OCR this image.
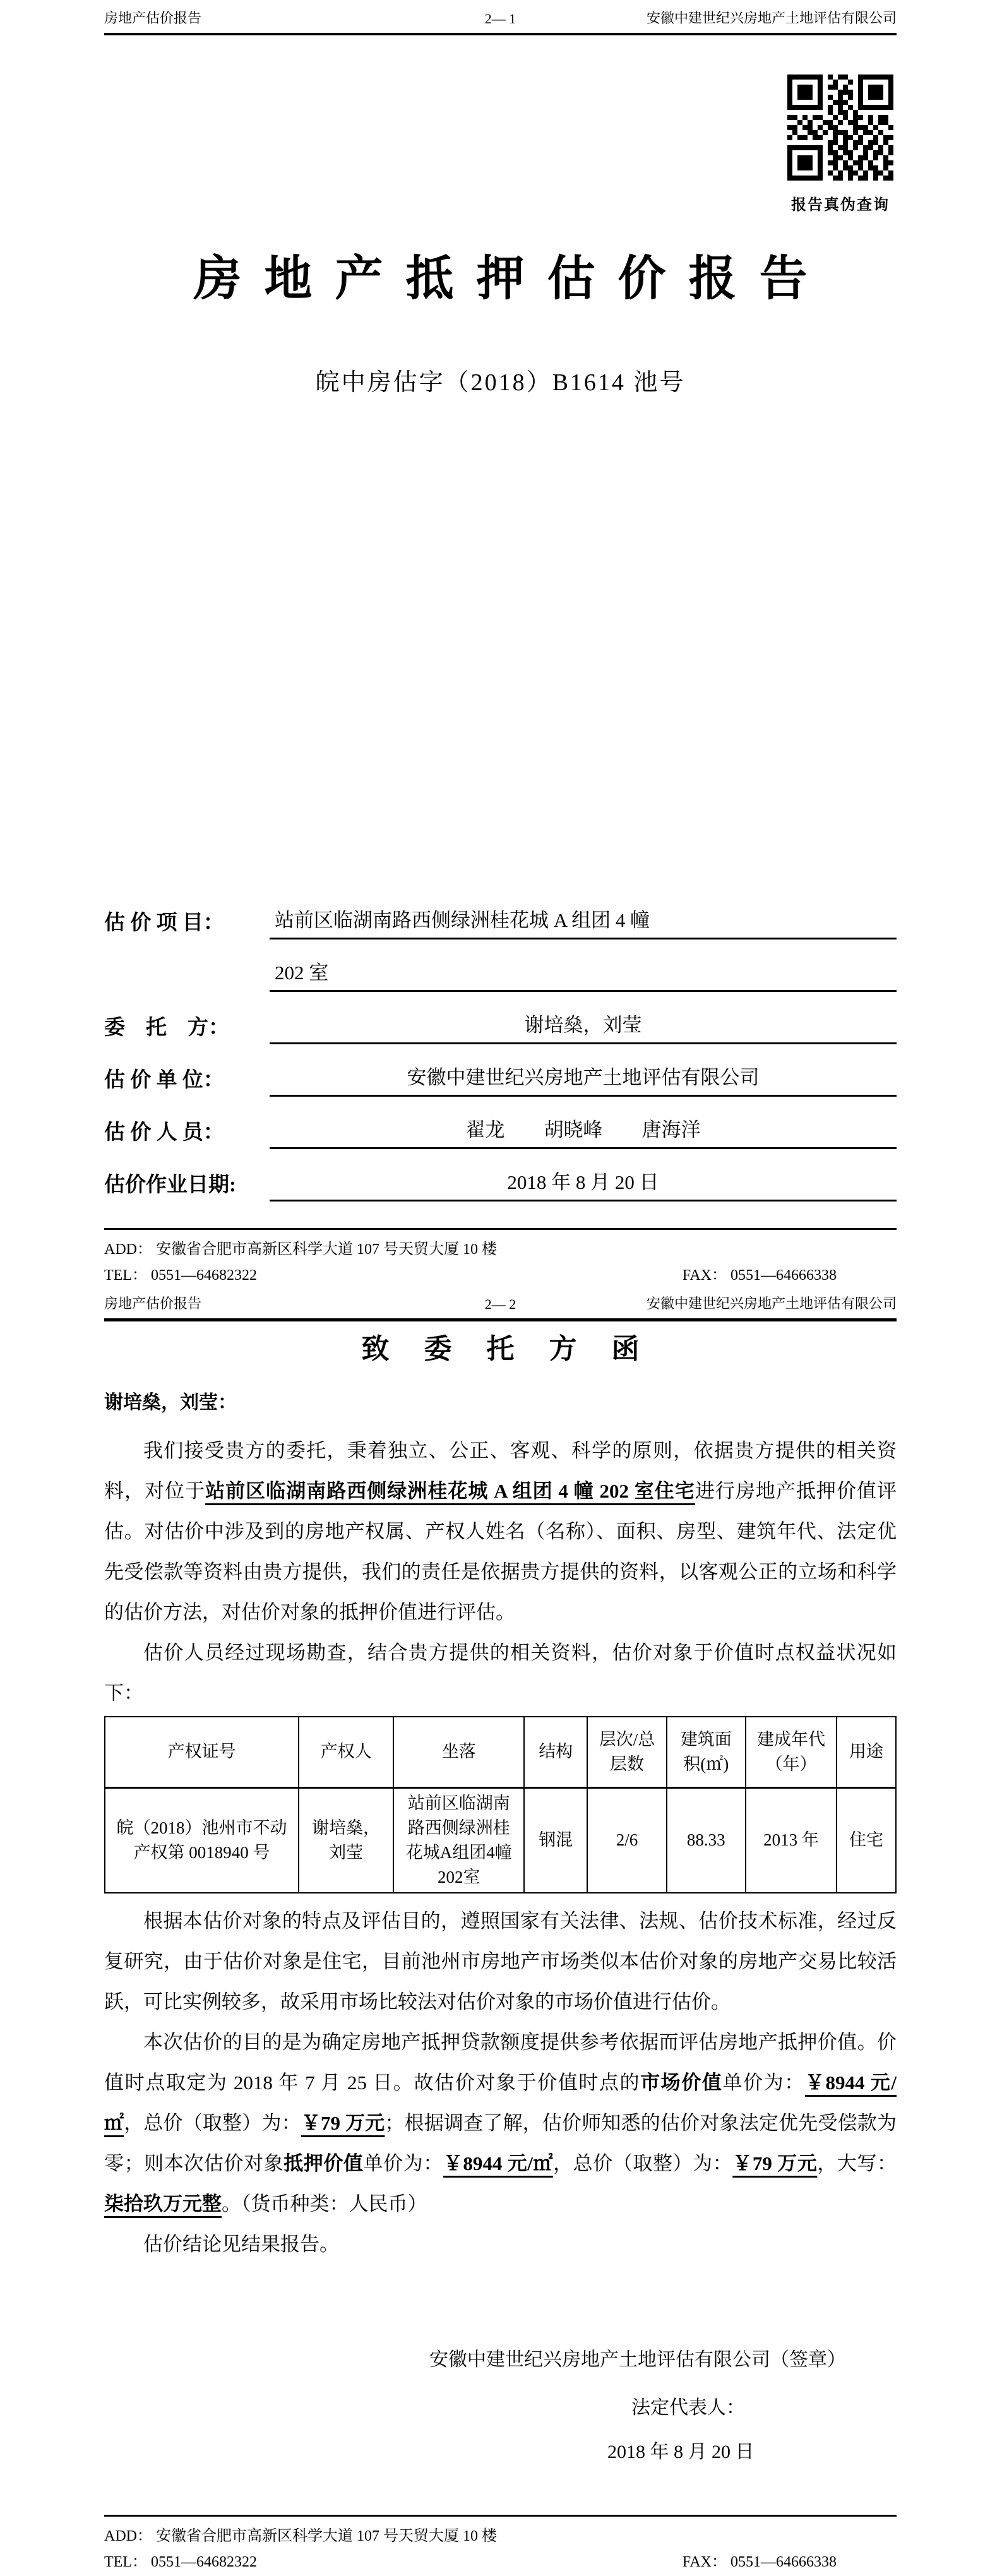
房地产估价报告	2— 1	安徽中建世纪兴房地产土地评估有限公司
报告真伪查询
房地产抵押估价报告
皖中房估字（2018）B1614 池号
估 价 项 目：	站前区临湖南路西侧绿洲桂花城 A 组团 4 幢
202 室
委　托　方：	谢培燊，刘莹
估 价 单 位：	安徽中建世纪兴房地产土地评估有限公司
估 价 人 员：	翟龙　　胡晓峰　　唐海洋
估价作业日期:	2018 年 8 月 20 日
ADD： 安徽省合肥市高新区科学大道 107 号天贸大厦 10 楼
TEL： 0551—64682322	FAX： 0551—64666338
房地产估价报告	2— 2	安徽中建世纪兴房地产土地评估有限公司
致委托方函
谢培燊，刘莹：

我们接受贵方的委托，秉着独立、公正、客观、科学的原则，依据贵方提供的相关资料，对位于站前区临湖南路西侧绿洲桂花城 A 组团 4 幢 202 室住宅进行房地产抵押价值评估。对估价中涉及到的房地产权属、产权人姓名（名称）、面积、房型、建筑年代、法定优先受偿款等资料由贵方提供，我们的责任是依据贵方提供的资料，以客观公正的立场和科学的估价方法，对估价对象的抵押价值进行评估。

估价人员经过现场勘查，结合贵方提供的相关资料，估价对象于价值时点权益状况如下：

产权证号	产权人	坐落	结构	层次/总层数	建筑面积(㎡)	建成年代（年）	用途
皖（2018）池州市不动产权第 0018940 号	谢培燊，刘莹	站前区临湖南路西侧绿洲桂花城A组团4幢202室	钢混	2/6	88.33	2013 年	住宅

根据本估价对象的特点及评估目的，遵照国家有关法律、法规、估价技术标准，经过反复研究，由于估价对象是住宅，目前池州市房地产市场类似本估价对象的房地产交易比较活跃，可比实例较多，故采用市场比较法对估价对象的市场价值进行估价。

本次估价的目的是为确定房地产抵押贷款额度提供参考依据而评估房地产抵押价值。价值时点取定为 2018 年 7 月 25 日。故估价对象于价值时点的市场价值单价为：￥8944 元/㎡，总价（取整）为：￥79 万元；根据调查了解，估价师知悉的估价对象法定优先受偿款为零；则本次估价对象抵押价值单价为：￥8944 元/㎡，总价（取整）为：￥79 万元，大写：柒拾玖万元整。（货币种类：人民币）

估价结论见结果报告。

安徽中建世纪兴房地产土地评估有限公司（签章）
法定代表人：
2018 年 8 月 20 日
ADD： 安徽省合肥市高新区科学大道 107 号天贸大厦 10 楼
TEL： 0551—64682322	FAX： 0551—64666338
